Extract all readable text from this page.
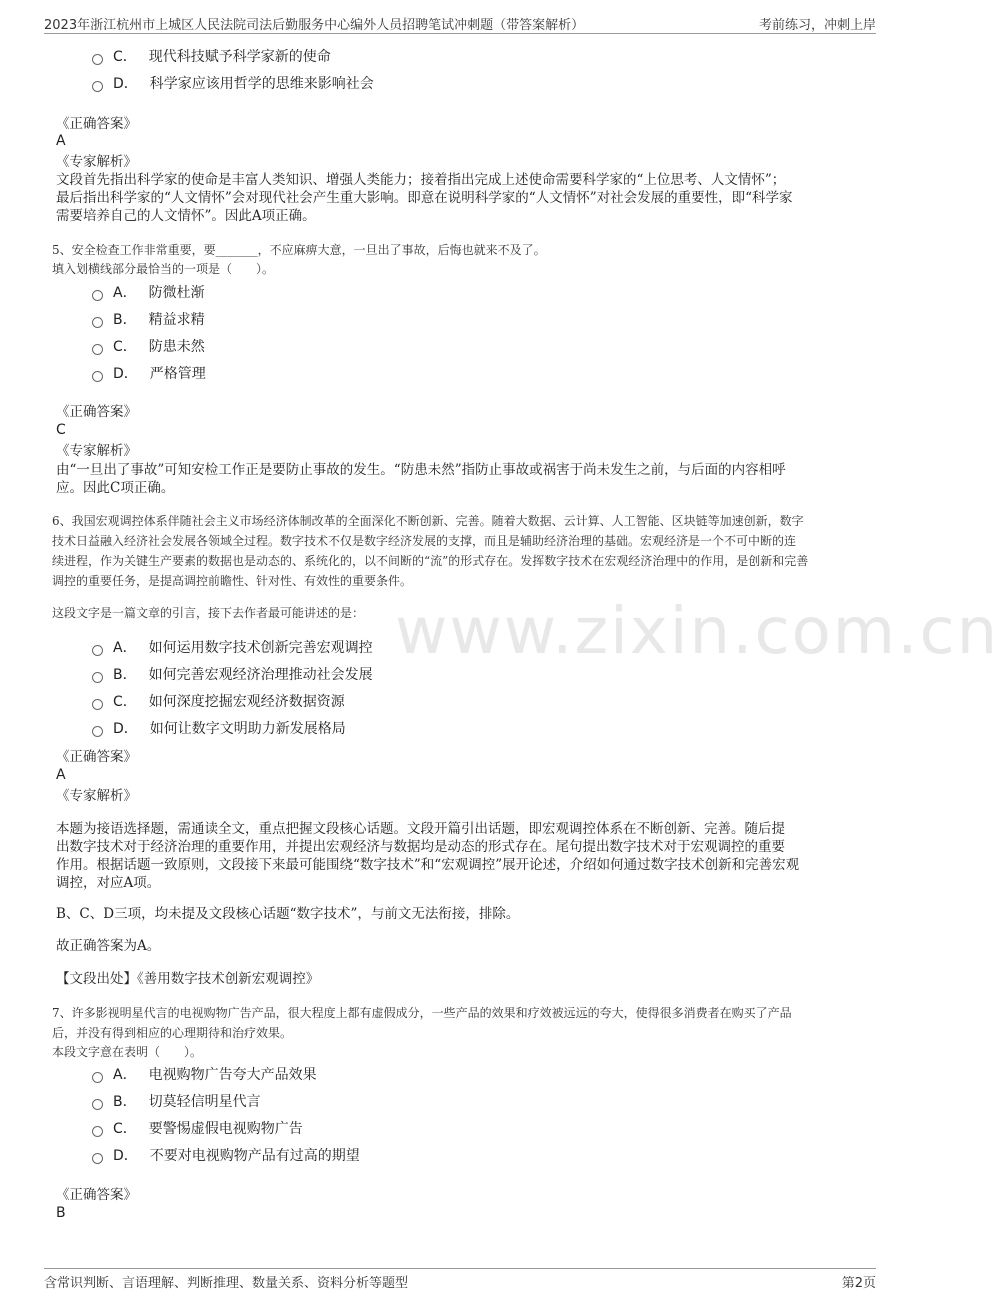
2023年浙江杭州市上城区人民法院司法后勤服务中心编外人员招聘笔试冲刺题（带答案解析）	考前练习，冲刺上岸
www.zixin.com.cn
C． 现代科技赋予科学家新的使命
D． 科学家应该用哲学的思维来影响社会
《正确答案》
A
《专家解析》
文段首先指出科学家的使命是丰富人类知识、增强人类能力；接着指出完成上述使命需要科学家的“上位思考、人文情怀”；
最后指出科学家的“人文情怀”会对现代社会产生重大影响。即意在说明科学家的“人文情怀”对社会发展的重要性，即“科学家
需要培养自己的人文情怀”。因此A项正确。
5、安全检查工作非常重要，要_______，不应麻痹大意，一旦出了事故，后悔也就来不及了。
填入划横线部分最恰当的一项是（　　）。
A． 防微杜渐
B． 精益求精
C． 防患未然
D． 严格管理
《正确答案》
C
《专家解析》
由“一旦出了事故”可知安检工作正是要防止事故的发生。“防患未然”指防止事故或祸害于尚未发生之前，与后面的内容相呼
应。因此C项正确。
6、我国宏观调控体系伴随社会主义市场经济体制改革的全面深化不断创新、完善。随着大数据、云计算、人工智能、区块链等加速创新，数字
技术日益融入经济社会发展各领域全过程。数字技术不仅是数字经济发展的支撑，而且是辅助经济治理的基础。宏观经济是一个不可中断的连
续进程，作为关键生产要素的数据也是动态的、系统化的，以不间断的“流”的形式存在。发挥数字技术在宏观经济治理中的作用，是创新和完善
调控的重要任务，是提高调控前瞻性、针对性、有效性的重要条件。
这段文字是一篇文章的引言，接下去作者最可能讲述的是：
A． 如何运用数字技术创新完善宏观调控
B． 如何完善宏观经济治理推动社会发展
C． 如何深度挖掘宏观经济数据资源
D． 如何让数字文明助力新发展格局
《正确答案》
A
《专家解析》
本题为接语选择题，需通读全文，重点把握文段核心话题。文段开篇引出话题，即宏观调控体系在不断创新、完善。随后提
出数字技术对于经济治理的重要作用，并提出宏观经济与数据均是动态的形式存在。尾句提出数字技术对于宏观调控的重要
作用。根据话题一致原则，文段接下来最可能围绕“数字技术”和“宏观调控”展开论述，介绍如何通过数字技术创新和完善宏观
调控，对应A项。
B、C、D三项，均未提及文段核心话题“数字技术”，与前文无法衔接，排除。
故正确答案为A。
【文段出处】《善用数字技术创新宏观调控》
7、许多影视明星代言的电视购物广告产品，很大程度上都有虚假成分，一些产品的效果和疗效被远远的夸大，使得很多消费者在购买了产品
后，并没有得到相应的心理期待和治疗效果。
本段文字意在表明（　　）。
A． 电视购物广告夸大产品效果
B． 切莫轻信明星代言
C． 要警惕虚假电视购物广告
D． 不要对电视购物产品有过高的期望
《正确答案》
B
含常识判断、言语理解、判断推理、数量关系、资料分析等题型	第2页
